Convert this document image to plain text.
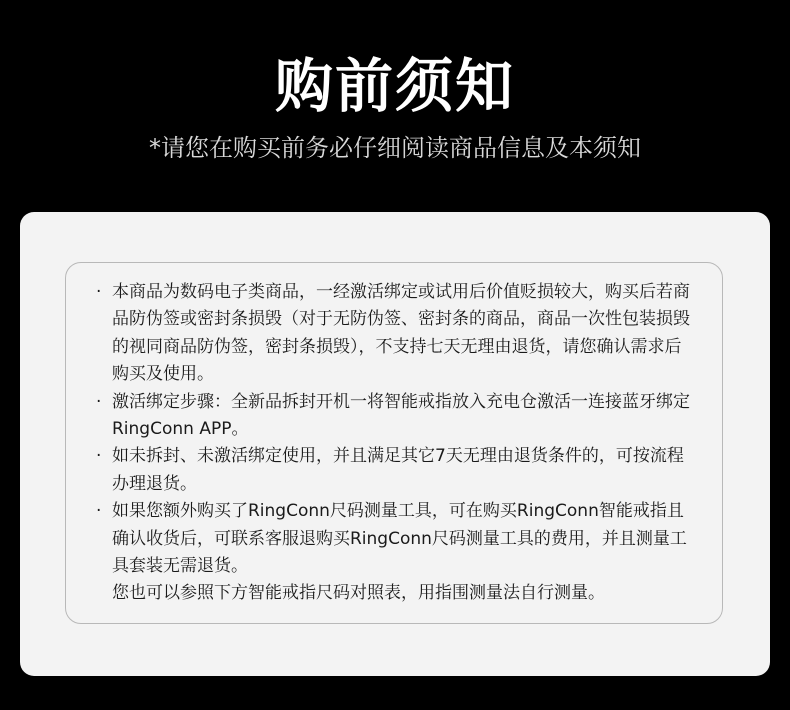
购前须知
*请您在购买前务必仔细阅读商品信息及本须知
· 本商品为数码电子类商品，一经激活绑定或试用后价值贬损较大，购买后若商品防伪签或密封条损毁（对于无防伪签、密封条的商品，商品一次性包装损毁的视同商品防伪签，密封条损毁），不支持七天无理由退货，请您确认需求后购买及使用。
· 激活绑定步骤：全新品拆封开机一将智能戒指放入充电仓激活一连接蓝牙绑定RingConn APP。
· 如未拆封、未激活绑定使用，并且满足其它7天无理由退货条件的，可按流程办理退货。
· 如果您额外购买了RingConn尺码测量工具，可在购买RingConn智能戒指且确认收货后，可联系客服退购买RingConn尺码测量工具的费用，并且测量工具套装无需退货。
您也可以参照下方智能戒指尺码对照表，用指围测量法自行测量。
